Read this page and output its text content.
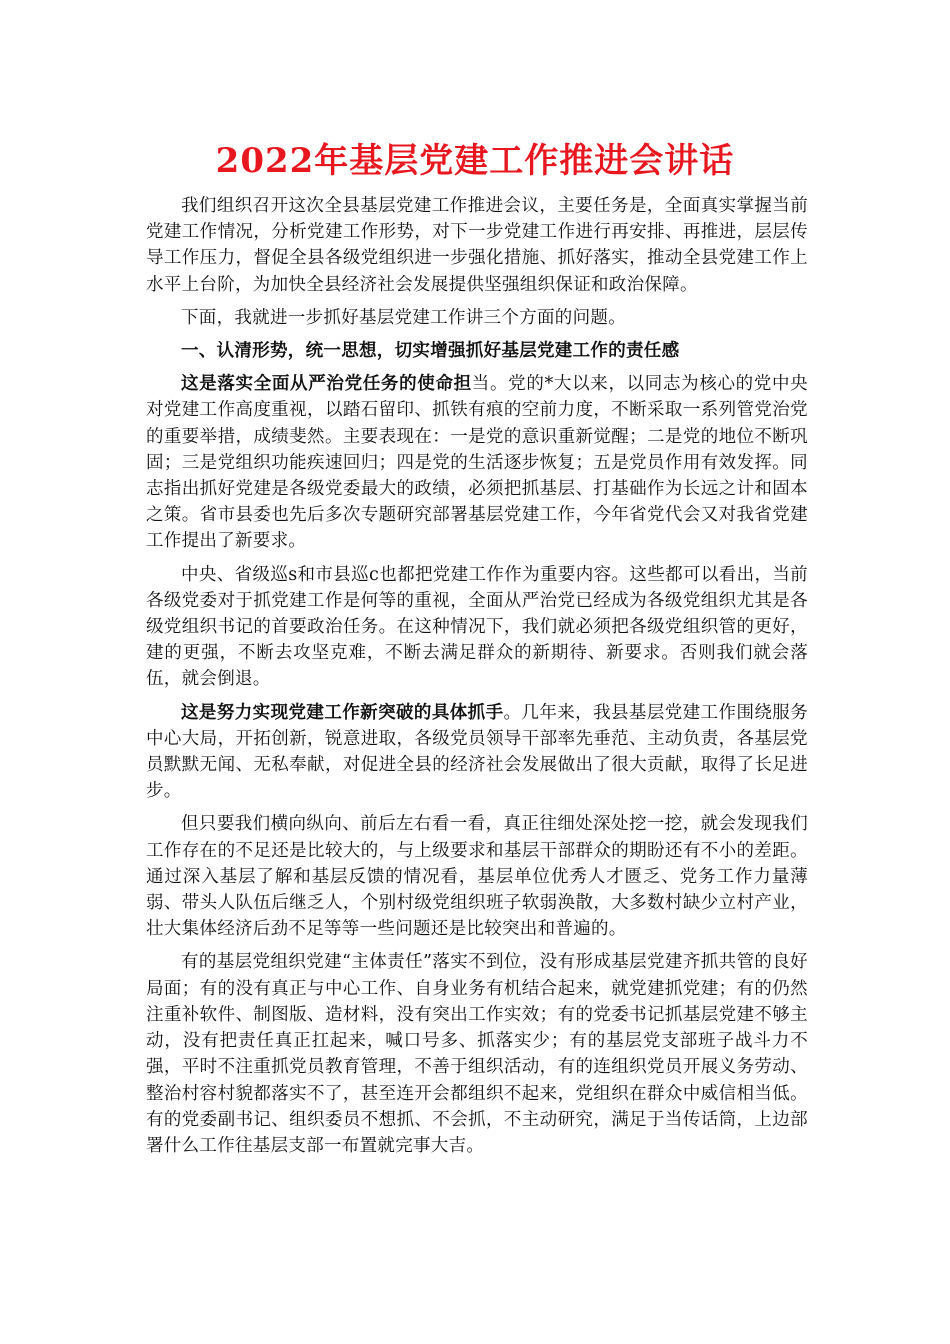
2022年基层党建工作推进会讲话

我们组织召开这次全县基层党建工作推进会议，主要任务是，全面真实掌握当前党建工作情况，分析党建工作形势，对下一步党建工作进行再安排、再推进，层层传导工作压力，督促全县各级党组织进一步强化措施、抓好落实，推动全县党建工作上水平上台阶，为加快全县经济社会发展提供坚强组织保证和政治保障。

下面，我就进一步抓好基层党建工作讲三个方面的问题。

一、认清形势，统一思想，切实增强抓好基层党建工作的责任感

这是落实全面从严治党任务的使命担当。党的*大以来，以同志为核心的党中央对党建工作高度重视，以踏石留印、抓铁有痕的空前力度，不断采取一系列管党治党的重要举措，成绩斐然。主要表现在：一是党的意识重新觉醒；二是党的地位不断巩固；三是党组织功能疾速回归；四是党的生活逐步恢复；五是党员作用有效发挥。同志指出抓好党建是各级党委最大的政绩，必须把抓基层、打基础作为长远之计和固本之策。省市县委也先后多次专题研究部署基层党建工作，今年省党代会又对我省党建工作提出了新要求。

中央、省级巡s和市县巡c也都把党建工作作为重要内容。这些都可以看出，当前各级党委对于抓党建工作是何等的重视，全面从严治党已经成为各级党组织尤其是各级党组织书记的首要政治任务。在这种情况下，我们就必须把各级党组织管的更好，建的更强，不断去攻坚克难，不断去满足群众的新期待、新要求。否则我们就会落伍，就会倒退。

这是努力实现党建工作新突破的具体抓手。几年来，我县基层党建工作围绕服务中心大局，开拓创新，锐意进取，各级党员领导干部率先垂范、主动负责，各基层党员默默无闻、无私奉献，对促进全县的经济社会发展做出了很大贡献，取得了长足进步。

但只要我们横向纵向、前后左右看一看，真正往细处深处挖一挖，就会发现我们工作存在的不足还是比较大的，与上级要求和基层干部群众的期盼还有不小的差距。通过深入基层了解和基层反馈的情况看，基层单位优秀人才匮乏、党务工作力量薄弱、带头人队伍后继乏人，个别村级党组织班子软弱涣散，大多数村缺少立村产业，壮大集体经济后劲不足等等一些问题还是比较突出和普遍的。

有的基层党组织党建“主体责任”落实不到位，没有形成基层党建齐抓共管的良好局面；有的没有真正与中心工作、自身业务有机结合起来，就党建抓党建；有的仍然注重补软件、制图版、造材料，没有突出工作实效；有的党委书记抓基层党建不够主动，没有把责任真正扛起来，喊口号多、抓落实少；有的基层党支部班子战斗力不强，平时不注重抓党员教育管理，不善于组织活动，有的连组织党员开展义务劳动、整治村容村貌都落实不了，甚至连开会都组织不起来，党组织在群众中威信相当低。有的党委副书记、组织委员不想抓、不会抓，不主动研究，满足于当传话筒，上边部署什么工作往基层支部一布置就完事大吉。
